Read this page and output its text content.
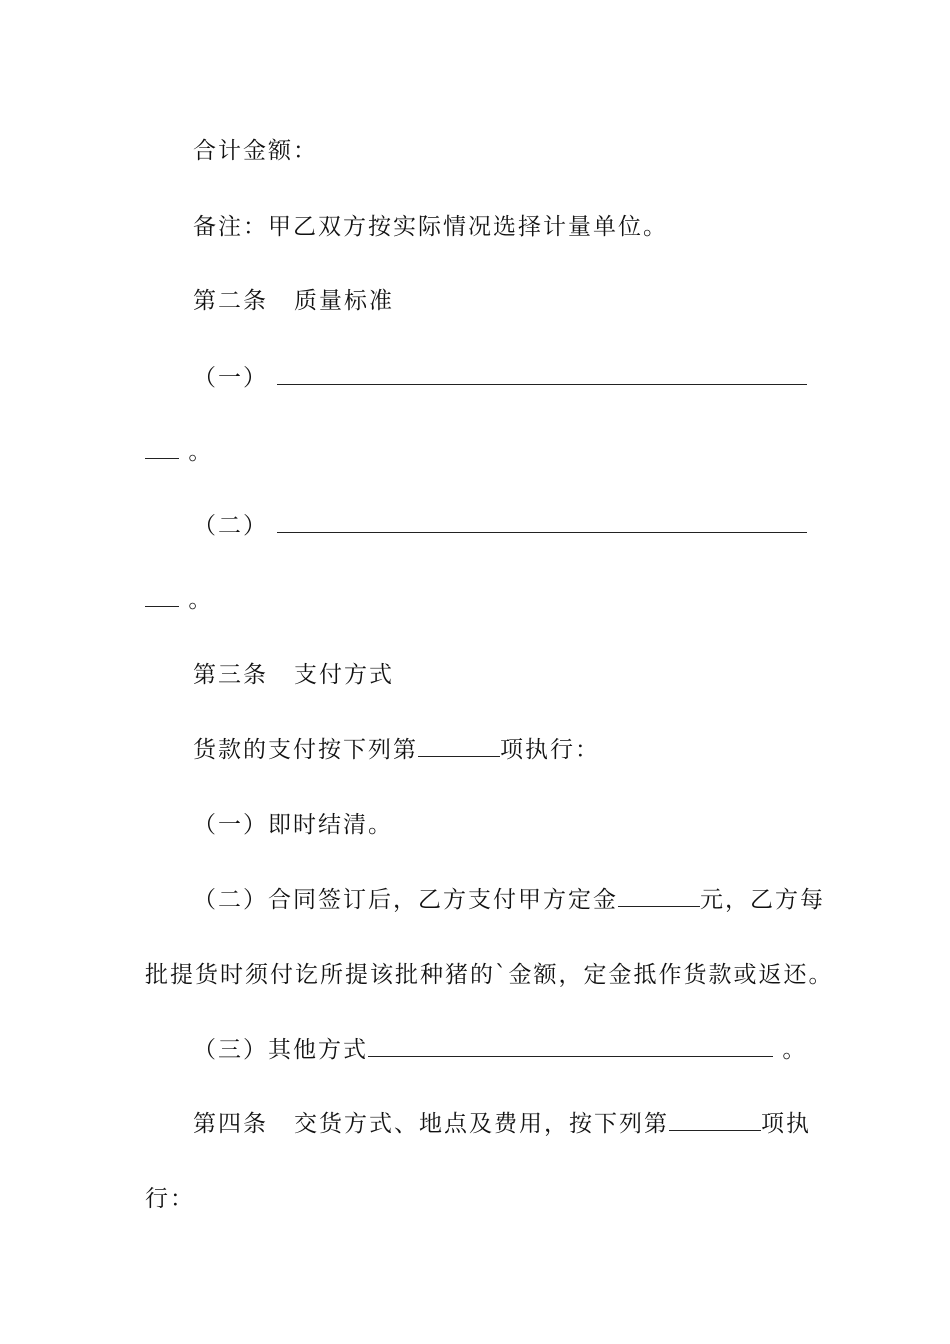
合计金额：
备注：甲乙双方按实际情况选择计量单位。
第二条 质量标准
（一）
。
（二）
。
第三条 支付方式
货款的支付按下列第	项执行：
（一）即时结清。
（二）合同签订后，乙方支付甲方定金	元，乙方每
批提货时须付讫所提该批种猪的`金额，定金抵作货款或返还。
（三）其他方式	。
第四条 交货方式、地点及费用，按下列第	项执
行：
